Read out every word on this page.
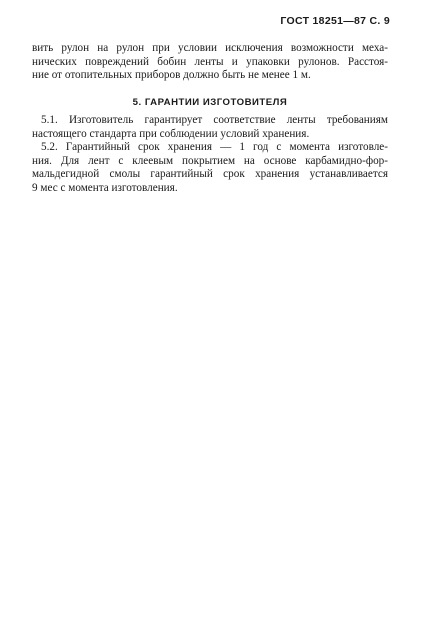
ГОСТ 18251—87 С. 9
вить рулон на рулон при условии исключения возможности меха-
нических повреждений бобин ленты и упаковки рулонов. Расстоя-
ние от отопительных приборов должно быть не менее 1 м.
5. ГАРАНТИИ ИЗГОТОВИТЕЛЯ
5.1. Изготовитель гарантирует соответствие ленты требованиям
настоящего стандарта при соблюдении условий хранения.
5.2. Гарантийный срок хранения — 1 год с момента изготовле-
ния. Для лент с клеевым покрытием на основе карбамидно-фор-
мальдегидной смолы гарантийный срок хранения устанавливается
9 мес с момента изготовления.
